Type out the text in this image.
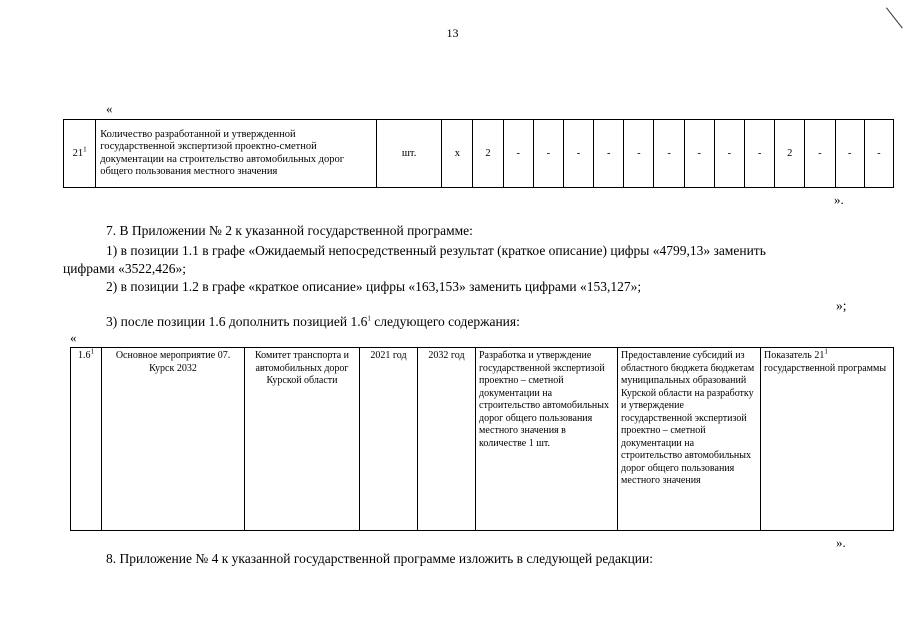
13
«
$21^1$	Количество разработанной и утвержденной государственной экспертизой проектно-сметной документации на строительство автомобильных дорог общего пользования местного значения	шт.	х	2	-	-	-	-	-	-	-	-	-	2	-	-	-
».
7. В Приложении № 2 к указанной государственной программе:
1) в позиции 1.1 в графе «Ожидаемый непосредственный результат (краткое описание) цифры «4799,13» заменить
цифрами «3522,426»;
2) в позиции 1.2 в графе «краткое описание» цифры «163,153» заменить цифрами «153,127»;
»;
3) после позиции 1.6 дополнить позицией $1.6^1$ следующего содержания:
«
$1.6^1$	Основное мероприятие 07. Курск 2032	Комитет транспорта и автомобильных дорог Курской области	2021 год	2032 год	Разработка и утверждение государственной экспертизой проектно – сметной документации на строительство автомобильных дорог общего пользования местного значения в количестве 1 шт.	Предоставление субсидий из областного бюджета бюджетам муниципальных образований Курской области на разработку и утверждение государственной экспертизой проектно – сметной документации на строительство автомобильных дорог общего пользования местного значения	Показатель $21^1$ государственной программы
».
8. Приложение № 4 к указанной государственной программе изложить в следующей редакции:
